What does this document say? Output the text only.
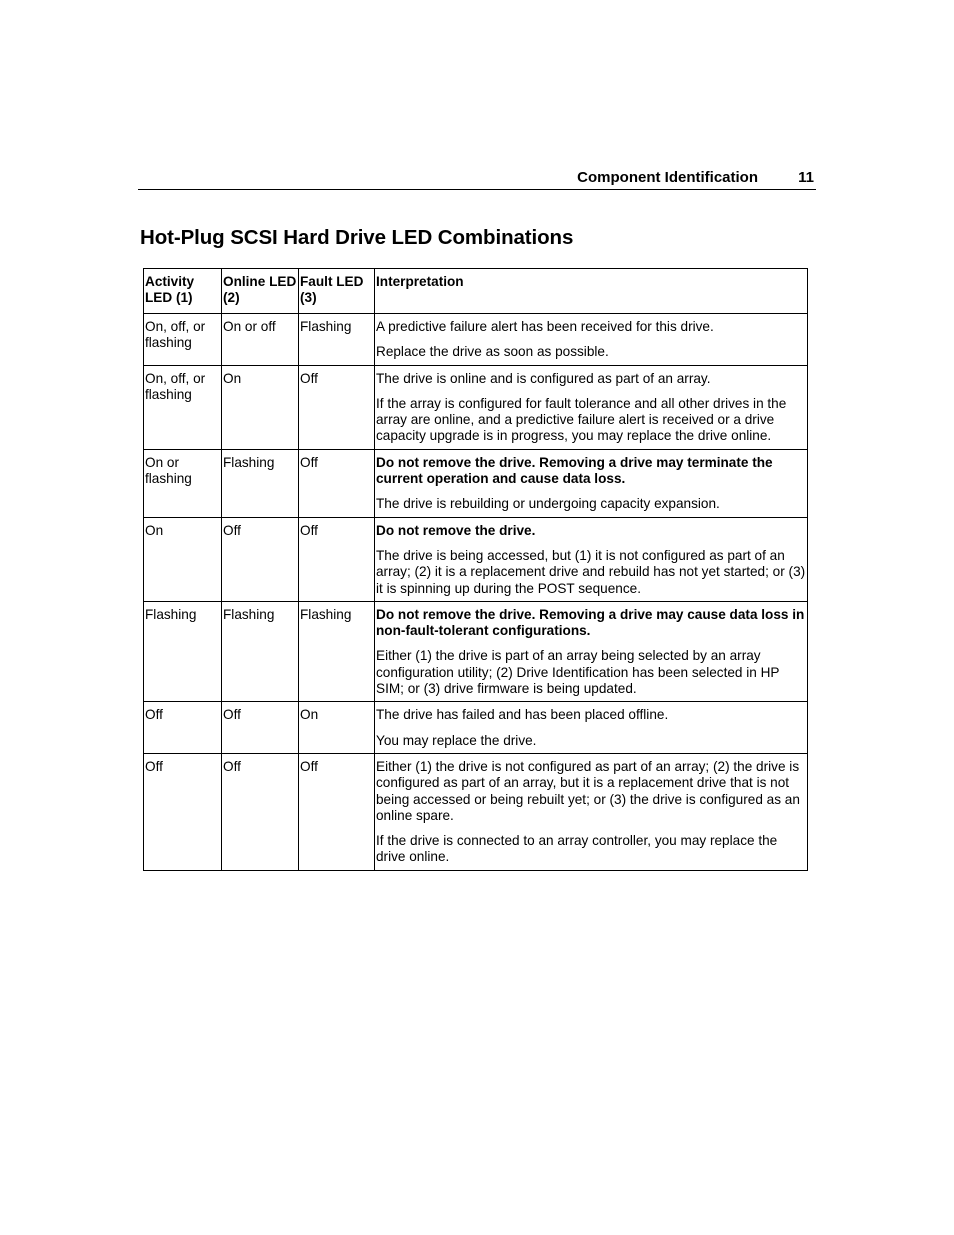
Component Identification	11
Hot-Plug SCSI Hard Drive LED Combinations
Activity LED (1)	Online LED (2)	Fault LED (3)	Interpretation
On, off, or flashing	On or off	Flashing	A predictive failure alert has been received for this drive.

Replace the drive as soon as possible.

On, off, or flashing	On	Off	The drive is online and is configured as part of an array.

If the array is configured for fault tolerance and all other drives in the array are online, and a predictive failure alert is received or a drive capacity upgrade is in progress, you may replace the drive online.

On or flashing	Flashing	Off	Do not remove the drive. Removing a drive may terminate the current operation and cause data loss.

The drive is rebuilding or undergoing capacity expansion.

On	Off	Off	Do not remove the drive.

The drive is being accessed, but (1) it is not configured as part of an array; (2) it is a replacement drive and rebuild has not yet started; or (3) it is spinning up during the POST sequence.

Flashing	Flashing	Flashing	Do not remove the drive. Removing a drive may cause data loss in non-fault-tolerant configurations.

Either (1) the drive is part of an array being selected by an array configuration utility; (2) Drive Identification has been selected in HP SIM; or (3) drive firmware is being updated.

Off	Off	On	The drive has failed and has been placed offline.

You may replace the drive.

Off	Off	Off	Either (1) the drive is not configured as part of an array; (2) the drive is configured as part of an array, but it is a replacement drive that is not being accessed or being rebuilt yet; or (3) the drive is configured as an online spare.

If the drive is connected to an array controller, you may replace the drive online.
